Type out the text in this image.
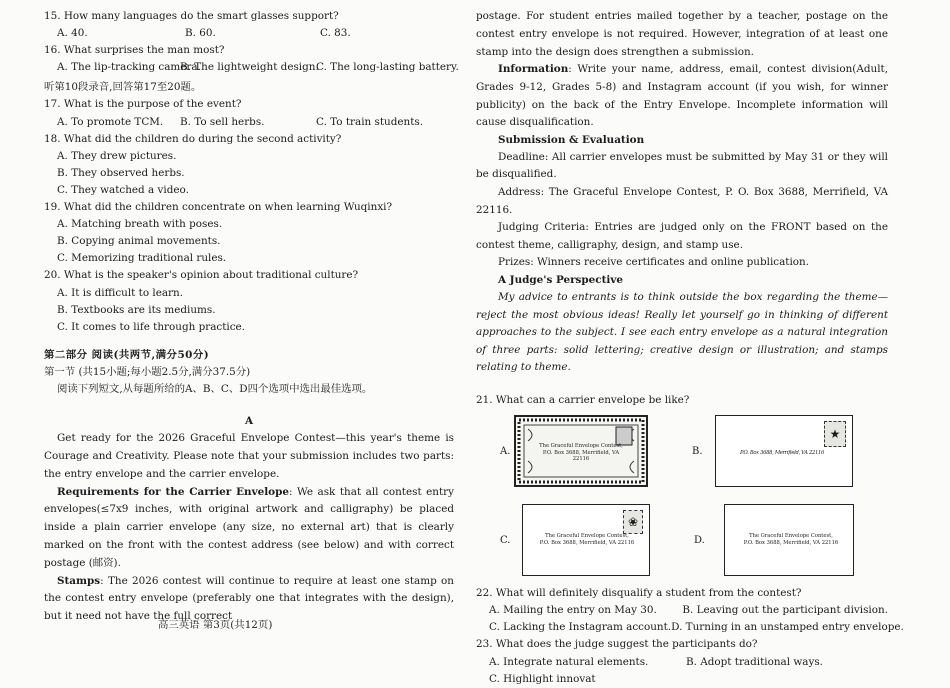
15. How many languages do the smart glasses support?
A. 40.	B. 60.	C. 83.
16. What surprises the man most?
A. The lip-tracking camera.
B. The lightweight design.
C. The long-lasting battery.
听第10段录音,回答第17至20题。
17. What is the purpose of the event?
A. To promote TCM.	B. To sell herbs.	C. To train students.
18. What did the children do during the second activity?
A. They drew pictures.
B. They observed herbs.
C. They watched a video.
19. What did the children concentrate on when learning Wuqinxi?
A. Matching breath with poses.
B. Copying animal movements.
C. Memorizing traditional rules.
20. What is the speaker's opinion about traditional culture?
A. It is difficult to learn.
B. Textbooks are its mediums.
C. It comes to life through practice.
第二部分 阅读(共两节,满分50分)
第一节 (共15小题;每小题2.5分,满分37.5分)
阅读下列短文,从每题所给的A、B、C、D四个选项中选出最佳选项。
A
Get ready for the 2026 Graceful Envelope Contest—this year's theme is Courage and Creativity. Please note that your submission includes two parts: the entry envelope and the carrier envelope.
Requirements for the Carrier Envelope: We ask that all contest entry envelopes(≤7x9 inches, with original artwork and calligraphy) be placed inside a plain carrier envelope (any size, no external art) that is clearly marked on the front with the contest address (see below) and with correct postage (邮资).
Stamps: The 2026 contest will continue to require at least one stamp on the contest entry envelope (preferably one that integrates with the design), but it need not have the full correct
高三英语 第3页(共12页)
postage. For student entries mailed together by a teacher, postage on the contest entry envelope is not required. However, integration of at least one stamp into the design does strengthen a submission.
Information: Write your name, address, email, contest division(Adult, Grades 9-12, Grades 5-8) and Instagram account (if you wish, for winner publicity) on the back of the Entry Envelope. Incomplete information will cause disqualification.
Submission & Evaluation
Deadline: All carrier envelopes must be submitted by May 31 or they will be disqualified.
Address: The Graceful Envelope Contest, P. O. Box 3688, Merrifield, VA 22116.
Judging Criteria: Entries are judged only on the FRONT based on the contest theme, calligraphy, design, and stamp use.
Prizes: Winners receive certificates and online publication.
A Judge's Perspective
My advice to entrants is to think outside the box regarding the theme—reject the most obvious ideas! Really let yourself go in thinking of different approaches to the subject. I see each entry envelope as a natural integration of three parts: solid lettering; creative design or illustration; and stamps relating to theme.
21. What can a carrier envelope be like?
A.	The Graceful Envelope Contest,
P.O. Box 3688, Merrifield, VA 22116
B.
★
P.O. Box 3688, Merrifield, VA 22116
C.
❀
The Graceful Envelope Contest,
P.O. Box 3688, Merrifield, VA 22116	D.	The Graceful Envelope Contest,
P.O. Box 3688, Merrifield, VA 22116
22. What will definitely disqualify a student from the contest?
A. Mailing the entry on May 30.	B. Leaving out the participant division.
C. Lacking the Instagram account. D. Turning in an unstamped entry envelope.
23. What does the judge suggest the participants do?
A. Integrate natural elements.	B. Adopt traditional ways.
C. Highlight innovat
